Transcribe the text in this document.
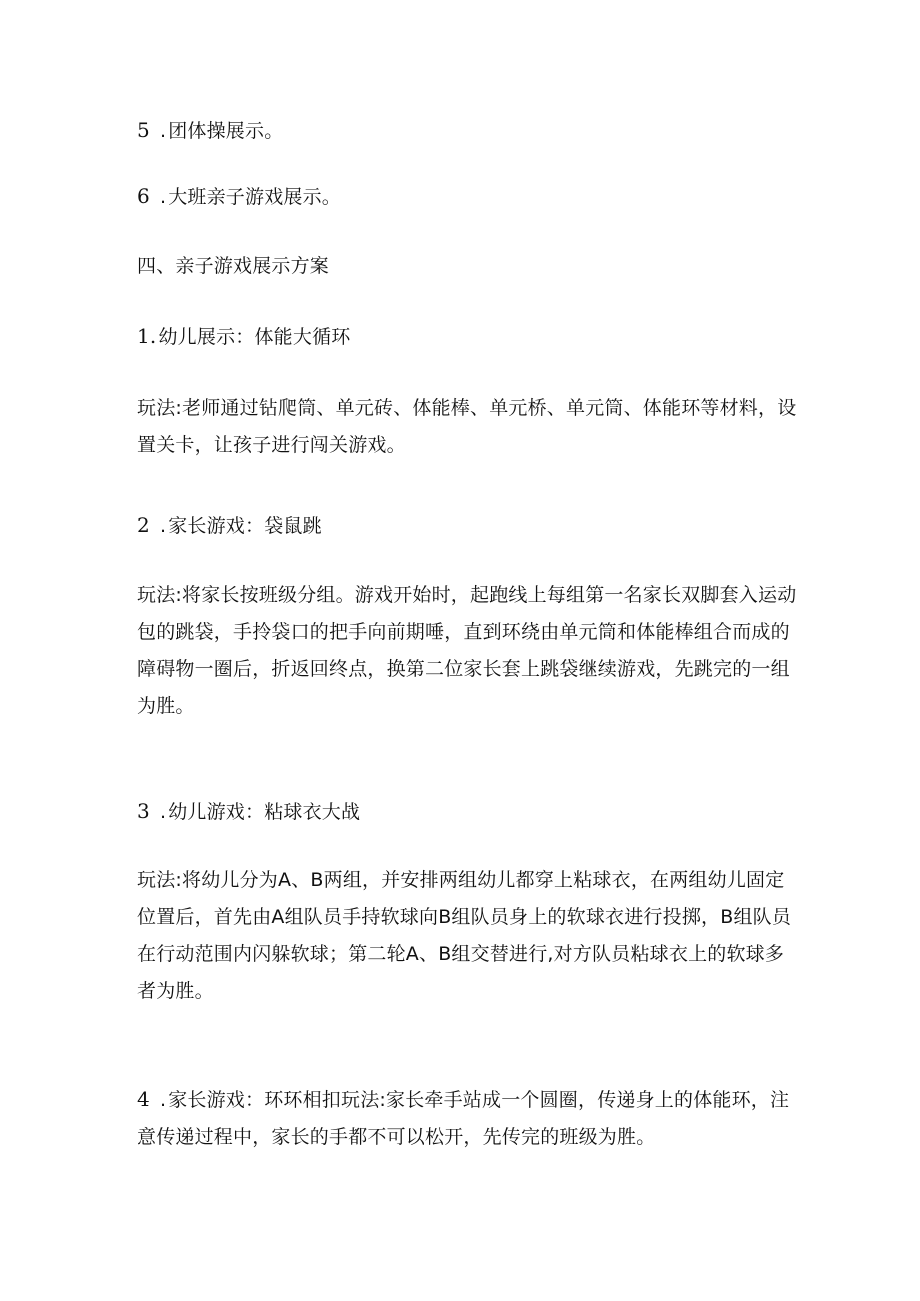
5 . 团体操展示。

6 . 大班亲子游戏展示。

四、亲子游戏展示方案

1. 幼儿展示：体能大循环

玩法:老师通过钻爬筒、单元砖、体能棒、单元桥、单元筒、体能环等材料，设置关卡，让孩子进行闯关游戏。

2 . 家长游戏：袋鼠跳

玩法:将家长按班级分组。游戏开始时，起跑线上每组第一名家长双脚套入运动包的跳袋，手拎袋口的把手向前期唾，直到环绕由单元筒和体能棒组合而成的障碍物一圈后，折返回终点，换第二位家长套上跳袋继续游戏，先跳完的一组为胜。

3 . 幼儿游戏：粘球衣大战

玩法:将幼儿分为A、B两组，并安排两组幼儿都穿上粘球衣，在两组幼儿固定位置后，首先由A组队员手持软球向B组队员身上的软球衣进行投掷，B组队员在行动范围内闪躲软球；第二轮A、B组交替进行,对方队员粘球衣上的软球多者为胜。

4 . 家长游戏：环环相扣玩法:家长牵手站成一个圆圈，传递身上的体能环，注意传递过程中，家长的手都不可以松开，先传完的班级为胜。
